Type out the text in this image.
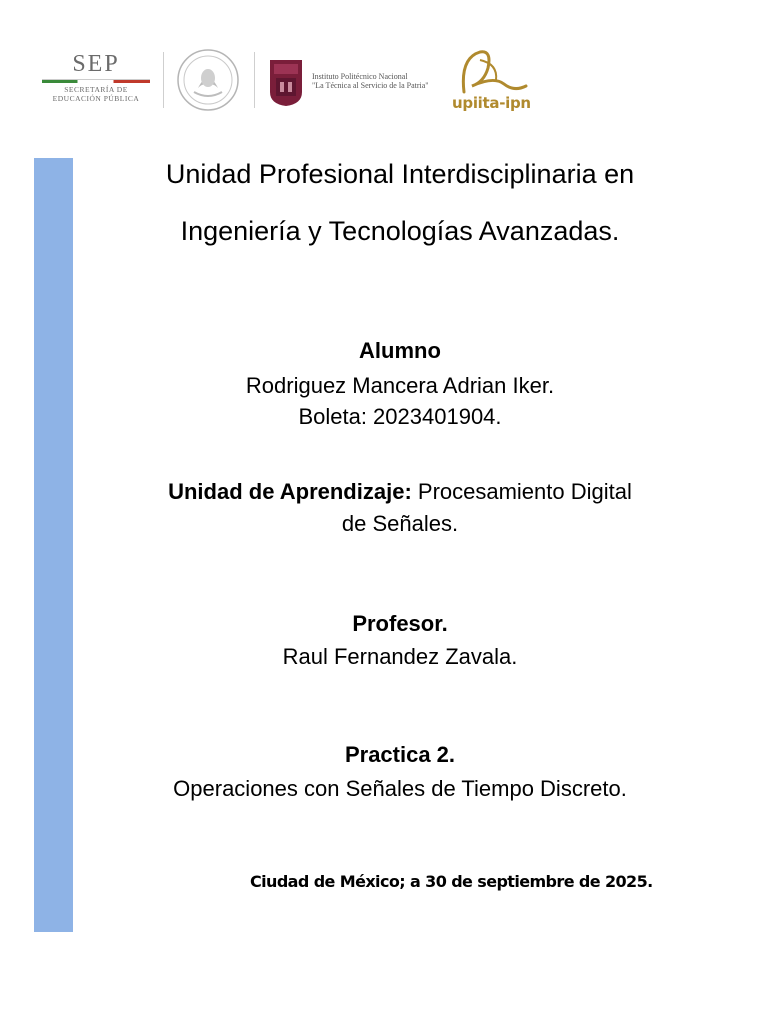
SEP
SECRETARÍA DE
EDUCACIÓN PÚBLICA
Instituto Politécnico Nacional
"La Técnica al Servicio de la Patria"
upiita-ipn
Unidad Profesional Interdisciplinaria en
Ingeniería y Tecnologías Avanzadas.
Alumno
Rodriguez Mancera Adrian Iker.
Boleta: 2023401904.
Unidad de Aprendizaje: Procesamiento Digital
de Señales.
Profesor.
Raul Fernandez Zavala.
Practica 2.
Operaciones con Señales de Tiempo Discreto.
Ciudad de México; a 30 de septiembre de 2025.
